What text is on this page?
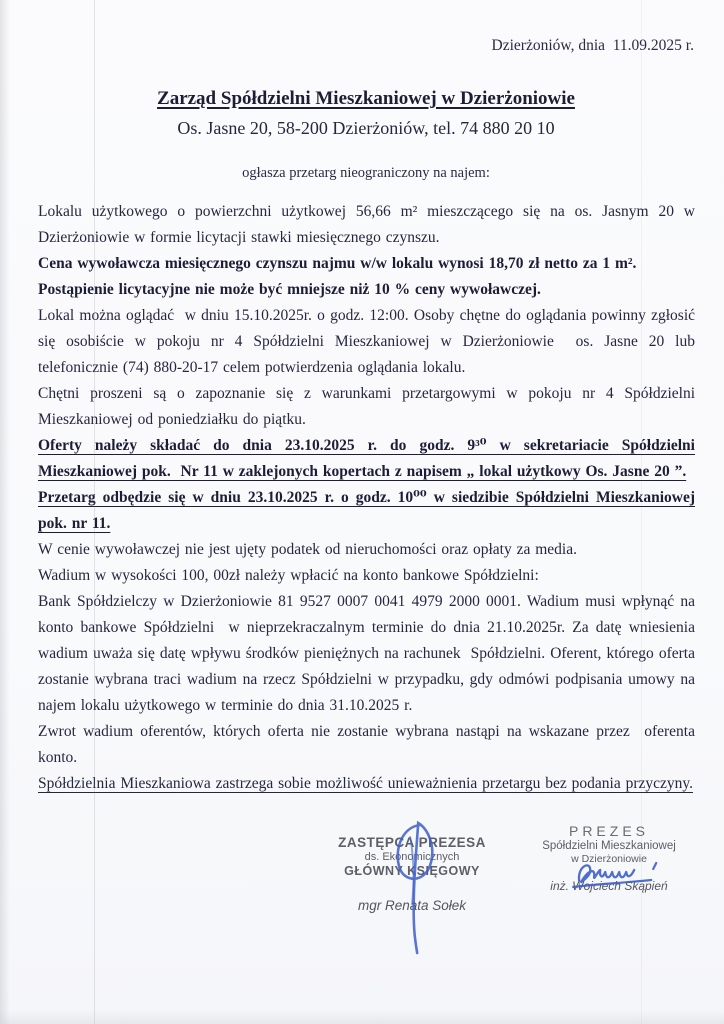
Dzierżoniów, dnia  11.09.2025 r.
Zarząd Spółdzielni Mieszkaniowej w Dzierżoniowie
Os. Jasne 20, 58-200 Dzierżoniów, tel. 74 880 20 10
ogłasza przetarg nieograniczony na najem:

Lokalu użytkowego o powierzchni użytkowej 56,66 m² mieszczącego się na os. Jasnym 20 w Dzierżoniowie w formie licytacji stawki miesięcznego czynszu.

Cena wywoławcza miesięcznego czynszu najmu w/w lokalu wynosi 18,70 zł netto za 1 m².

Postąpienie licytacyjne nie może być mniejsze niż 10 % ceny wywoławczej.

Lokal można oglądać  w dniu 15.10.2025r. o godz. 12:00. Osoby chętne do oglądania powinny zgłosić się osobiście w pokoju nr 4 Spółdzielni Mieszkaniowej w Dzierżoniowie  os. Jasne 20 lub telefonicznie (74) 880-20-17 celem potwierdzenia oglądania lokalu.

Chętni proszeni są o zapoznanie się z warunkami przetargowymi w pokoju nr 4 Spółdzielni Mieszkaniowej od poniedziałku do piątku.

Oferty należy składać do dnia 23.10.2025 r. do godz. 9³⁰ w sekretariacie Spółdzielni Mieszkaniowej pok.  Nr 11 w zaklejonych kopertach z napisem „ lokal użytkowy Os. Jasne 20 ”.

Przetarg odbędzie się w dniu 23.10.2025 r. o godz. 10⁰⁰ w siedzibie Spółdzielni Mieszkaniowej pok. nr 11.

W cenie wywoławczej nie jest ujęty podatek od nieruchomości oraz opłaty za media.

Wadium w wysokości 100, 00zł należy wpłacić na konto bankowe Spółdzielni:

Bank Spółdzielczy w Dzierżoniowie 81 9527 0007 0041 4979 2000 0001. Wadium musi wpłynąć na konto bankowe Spółdzielni  w nieprzekraczalnym terminie do dnia 21.10.2025r. Za datę wniesienia wadium uważa się datę wpływu środków pieniężnych na rachunek  Spółdzielni. Oferent, którego oferta zostanie wybrana traci wadium na rzecz Spółdzielni w przypadku, gdy odmówi podpisania umowy na najem lokalu użytkowego w terminie do dnia 31.10.2025 r.

Zwrot wadium oferentów, których oferta nie zostanie wybrana nastąpi na wskazane przez  oferenta konto.

Spółdzielnia Mieszkaniowa zastrzega sobie możliwość unieważnienia przetargu bez podania przyczyny.

ZASTĘPCA PREZESA
ds. Ekonomicznych
GŁÓWNY KSIĘGOWY
mgr Renata Sołek
PREZES
Spółdzielni Mieszkaniowej
w Dzierżoniowie
inż. Wojciech Skąpień
